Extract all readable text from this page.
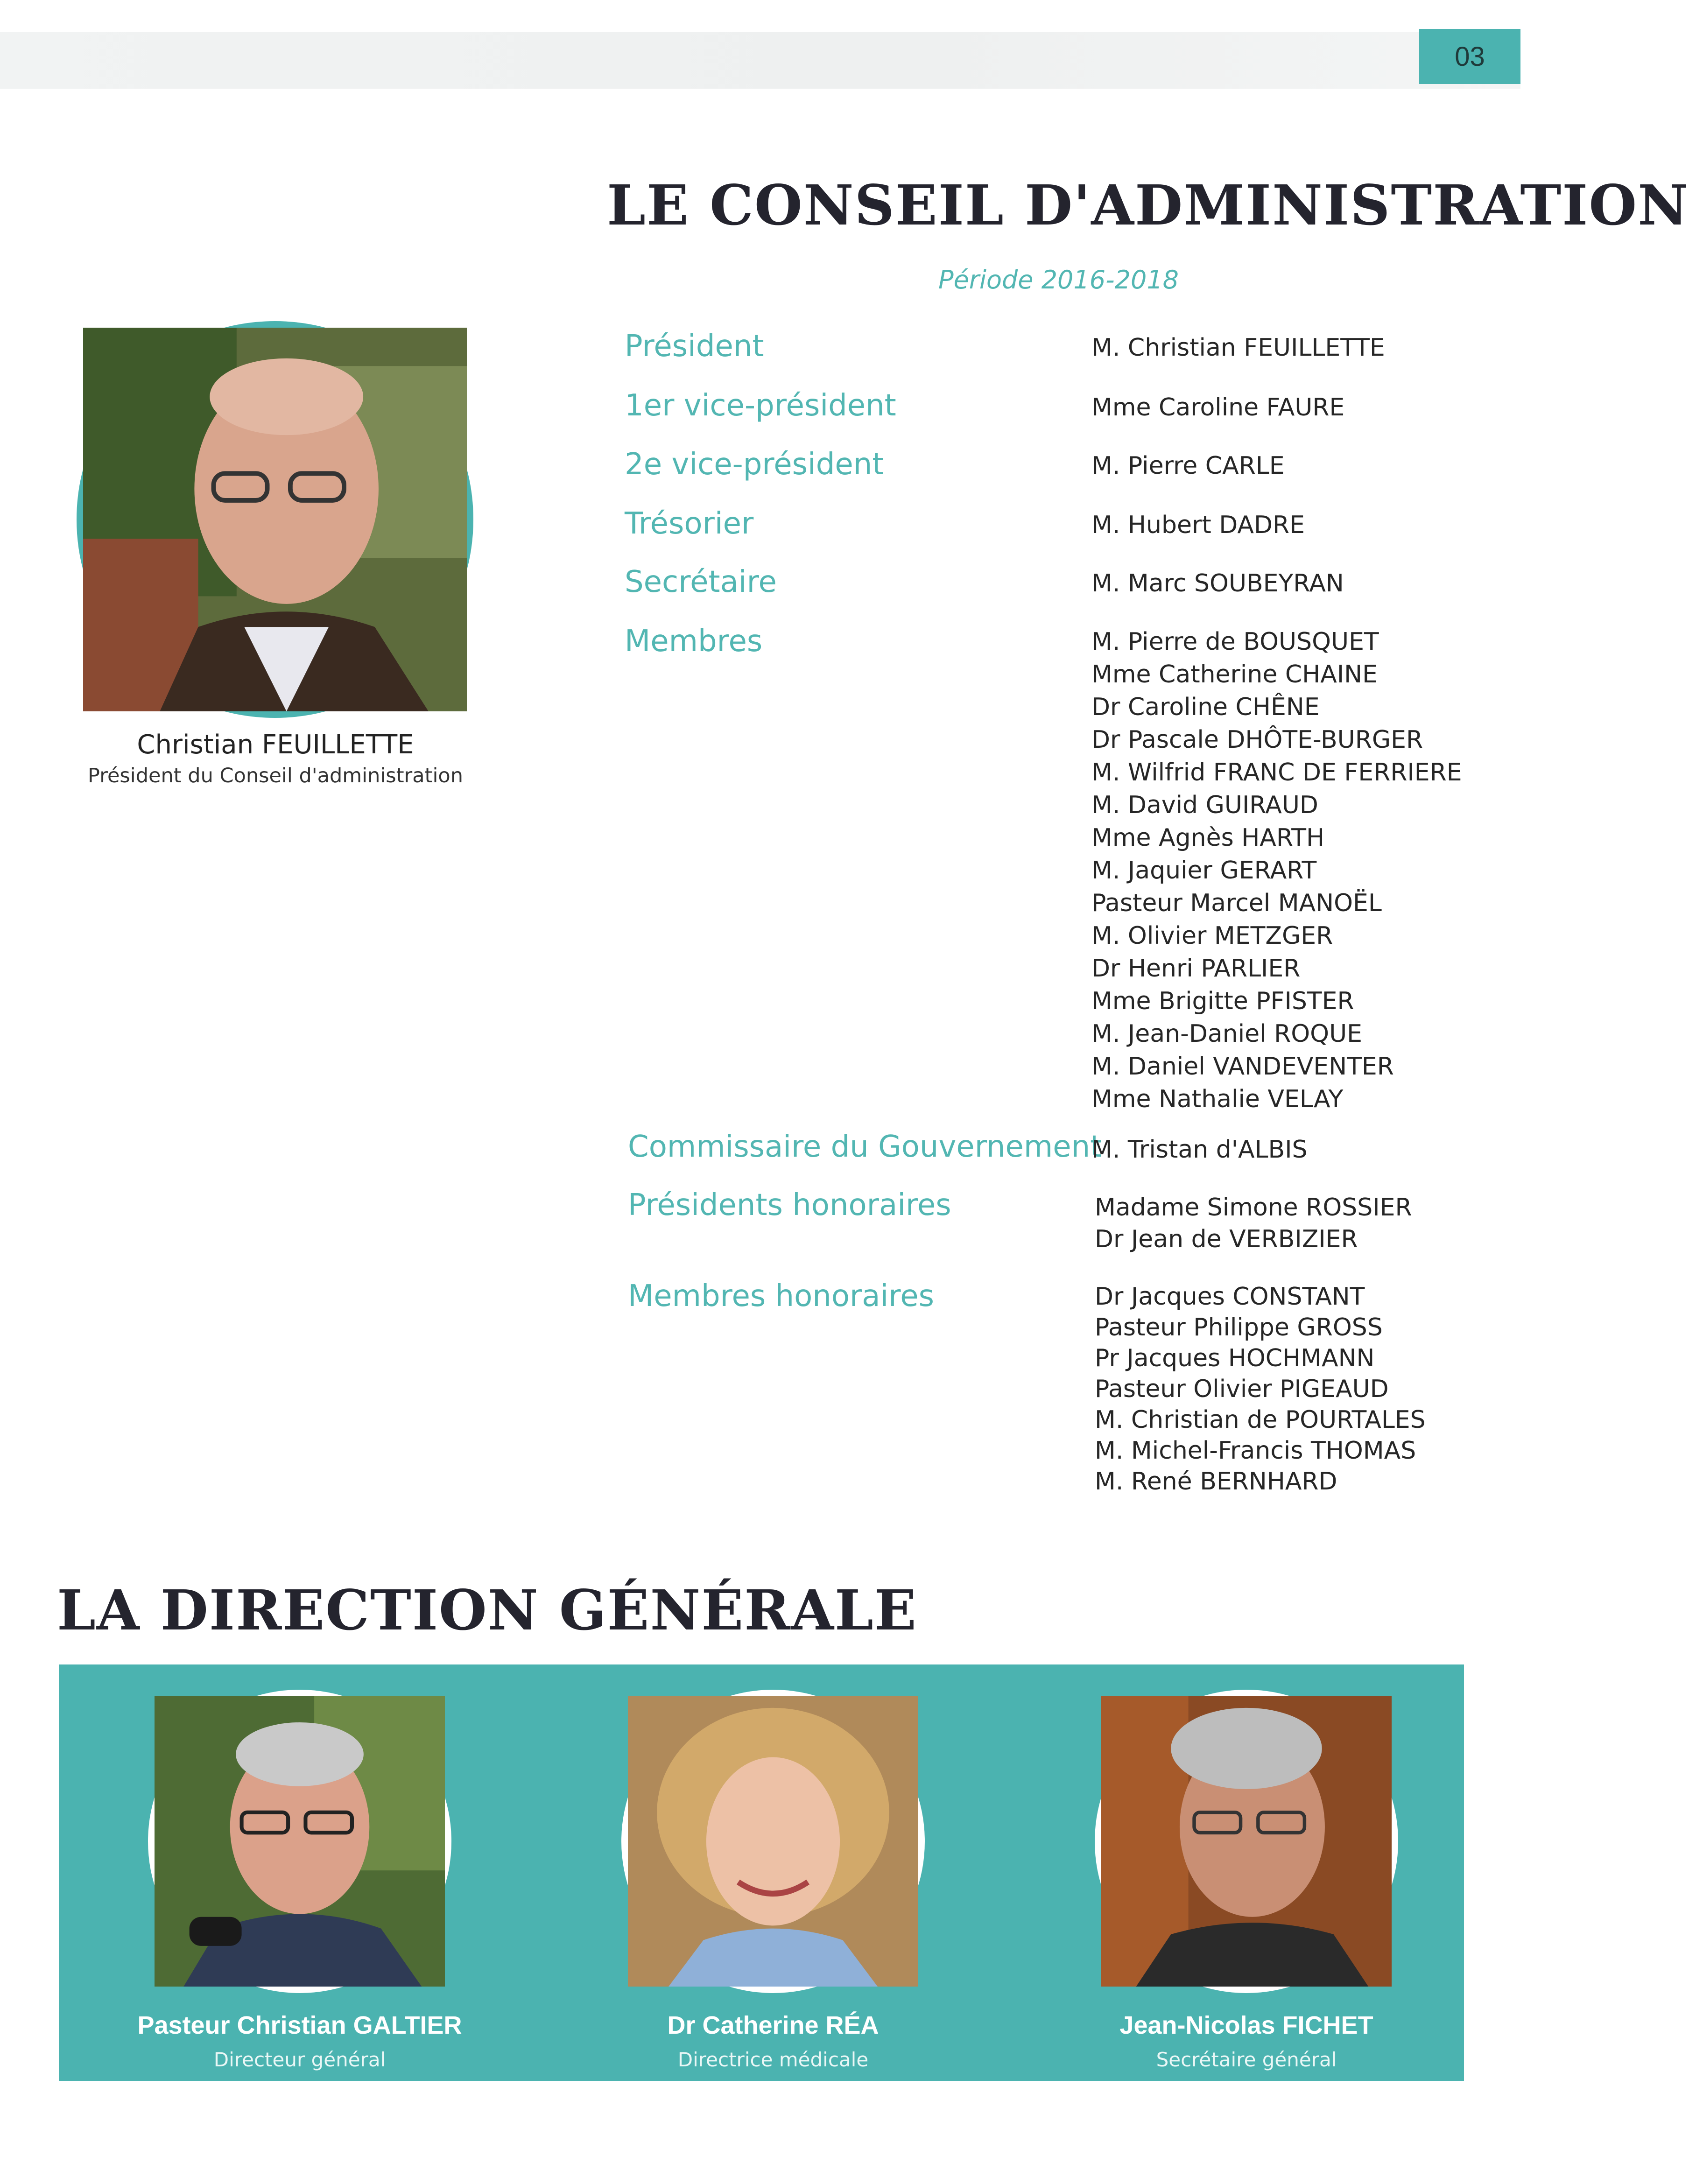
03
LE CONSEIL D'ADMINISTRATION

Période 2016-2018

Christian FEUILLETTE

Président du Conseil d'administration

Président

1er vice-président

2e vice-président

Trésorier

Secrétaire

Membres

Commissaire du Gouvernement

Présidents honoraires

Membres honoraires

M. Christian FEUILLETTE
Mme Caroline FAURE
M. Pierre CARLE
M. Hubert DADRE
M. Marc SOUBEYRAN
M. Pierre de BOUSQUET
Mme Catherine CHAINE
Dr Caroline CHÊNE
Dr Pascale DHÔTE-BURGER
M. Wilfrid FRANC DE FERRIERE
M. David GUIRAUD
Mme Agnès HARTH
M. Jaquier GERART
Pasteur Marcel MANOËL
M. Olivier METZGER
Dr Henri PARLIER
Mme Brigitte PFISTER
M. Jean-Daniel ROQUE
M. Daniel VANDEVENTER
Mme Nathalie VELAY
M. Tristan d'ALBIS
Madame Simone ROSSIER
Dr Jean de VERBIZIER
Dr Jacques CONSTANT
Pasteur Philippe GROSS
Pr Jacques HOCHMANN
Pasteur Olivier PIGEAUD
M. Christian de POURTALES
M. Michel-Francis THOMAS
M. René BERNHARD
LA DIRECTION GÉNÉRALE

Pasteur Christian GALTIER

Directeur général

Dr Catherine RÉA

Directrice médicale

Jean-Nicolas FICHET

Secrétaire général
